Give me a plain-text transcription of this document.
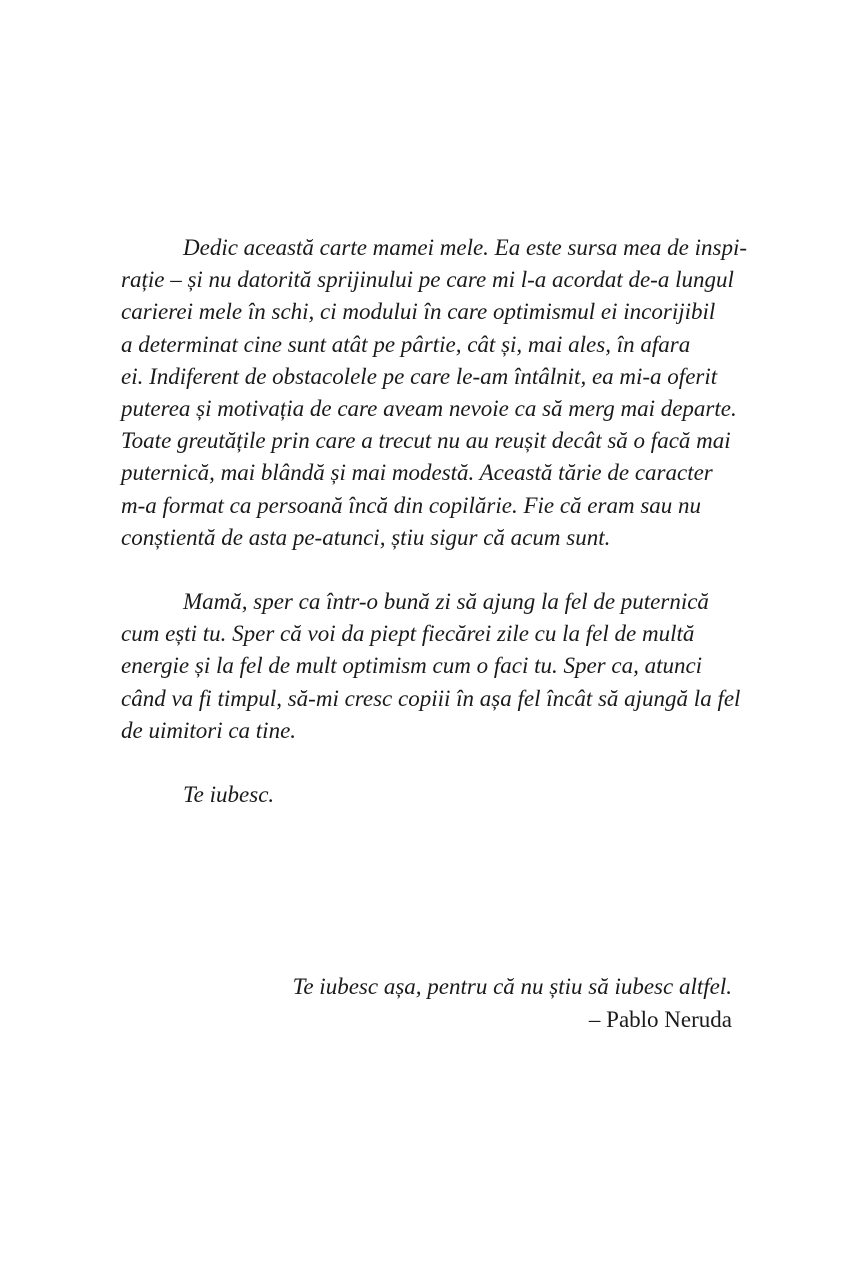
Dedic această carte mamei mele. Ea este sursa mea de inspi-
rație – și nu datorită sprijinului pe care mi l-a acordat de-a lungul
carierei mele în schi, ci modului în care optimismul ei incorijibil
a determinat cine sunt atât pe pârtie, cât și, mai ales, în afara
ei. Indiferent de obstacolele pe care le-am întâlnit, ea mi-a oferit
puterea și motivația de care aveam nevoie ca să merg mai departe.
Toate greutățile prin care a trecut nu au reușit decât să o facă mai
puternică, mai blândă și mai modestă. Această tărie de caracter
m-a format ca persoană încă din copilărie. Fie că eram sau nu
conștientă de asta pe-atunci, știu sigur că acum sunt.
Mamă, sper ca într-o bună zi să ajung la fel de puternică
cum ești tu. Sper că voi da piept fiecărei zile cu la fel de multă
energie și la fel de mult optimism cum o faci tu. Sper ca, atunci
când va fi timpul, să-mi cresc copiii în așa fel încât să ajungă la fel
de uimitori ca tine.
Te iubesc.
Te iubesc așa, pentru că nu știu să iubesc altfel.
– Pablo Neruda
